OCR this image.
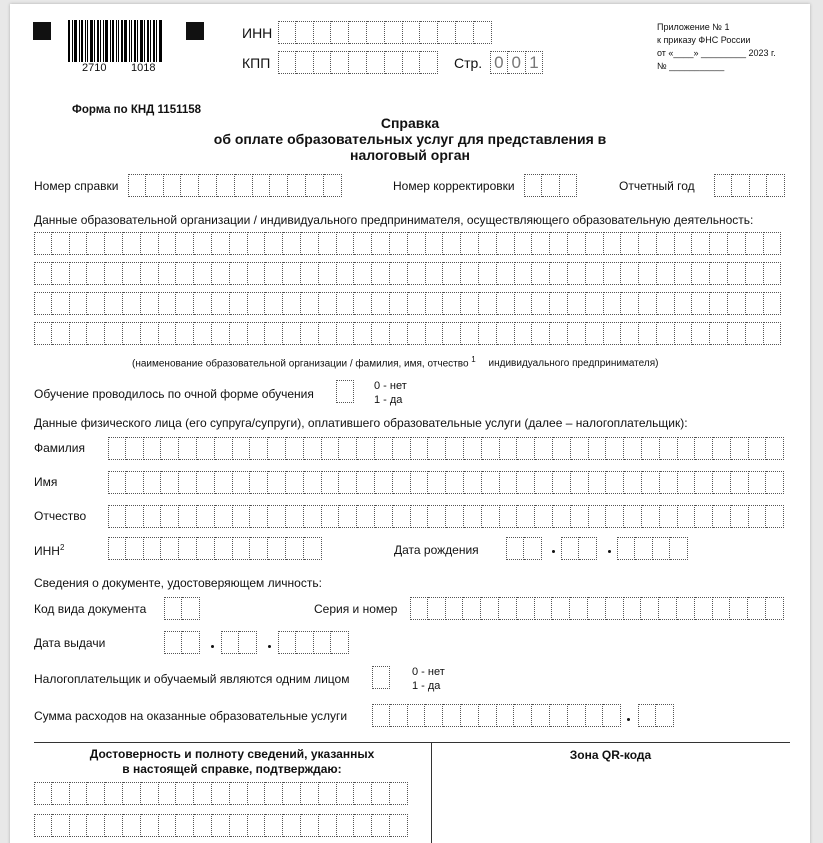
2710 1018
ИНН
КПП	Стр. 0 0 1
Приложение № 1
к приказу ФНС России
от «____» _________ 2023 г.
№ ___________
Форма по КНД 1151158
Справка
об оплате образовательных услуг для представления в
налоговый орган
Номер справки	Номер корректировки	Отчетный год
Данные образовательной организации / индивидуального предпринимателя, осуществляющего образовательную деятельность:
(наименование образовательной организации / фамилия, имя, отчество $^1$ индивидуального предпринимателя)
Обучение проводилось по очной форме обучения
0 - нет
1 - да
Данные физического лица (его супруга/супруги), оплатившего образовательные услуги (далее – налогоплательщик):
Фамилия
Имя
Отчество
ИНН$^2$	Дата рождения
Сведения о документе, удостоверяющем личность:
Код вида документа	Серия и номер
Дата выдачи
Налогоплательщик и обучаемый являются одним лицом	0 - нет
1 - да
Сумма расходов на оказанные образовательные услуги
Достоверность и полноту сведений, указанных
в настоящей справке, подтверждаю:
Зона QR-кода
